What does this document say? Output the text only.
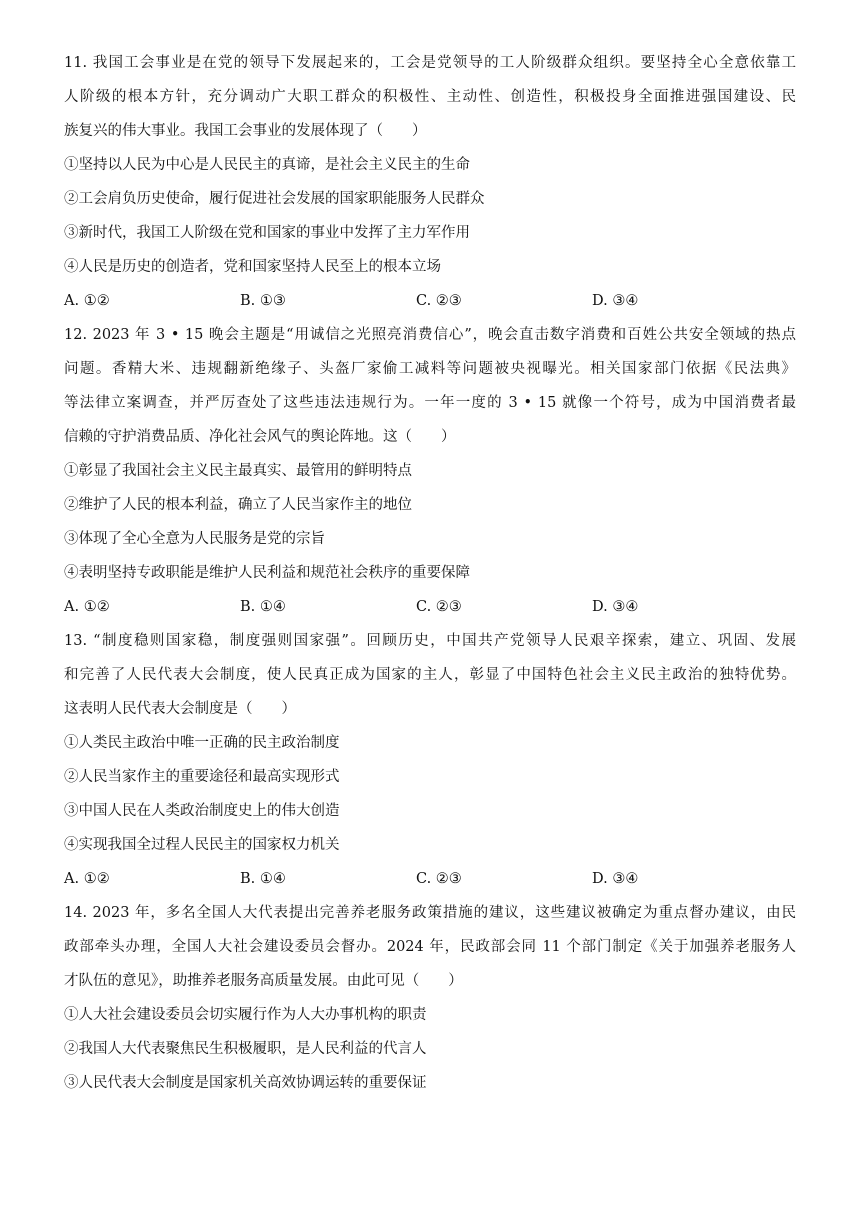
11. 我国工会事业是在党的领导下发展起来的，工会是党领导的工人阶级群众组织。要坚持全心全意依靠工
人阶级的根本方针，充分调动广大职工群众的积极性、主动性、创造性，积极投身全面推进强国建设、民
族复兴的伟大事业。我国工会事业的发展体现了（　　）
①坚持以人民为中心是人民民主的真谛，是社会主义民主的生命
②工会肩负历史使命，履行促进社会发展的国家职能服务人民群众
③新时代，我国工人阶级在党和国家的事业中发挥了主力军作用
④人民是历史的创造者，党和国家坚持人民至上的根本立场
A. ①②	B. ①③	C. ②③	D. ③④
12. 2023 年 3 • 15 晚会主题是“用诚信之光照亮消费信心”，晚会直击数字消费和百姓公共安全领域的热点
问题。香精大米、违规翻新绝缘子、头盔厂家偷工减料等问题被央视曝光。相关国家部门依据《民法典》
等法律立案调查，并严厉查处了这些违法违规行为。一年一度的 3 • 15 就像一个符号，成为中国消费者最
信赖的守护消费品质、净化社会风气的舆论阵地。这（　　）
①彰显了我国社会主义民主最真实、最管用的鲜明特点
②维护了人民的根本利益，确立了人民当家作主的地位
③体现了全心全意为人民服务是党的宗旨
④表明坚持专政职能是维护人民利益和规范社会秩序的重要保障
A. ①②	B. ①④	C. ②③	D. ③④
13. “制度稳则国家稳，制度强则国家强”。回顾历史，中国共产党领导人民艰辛探索，建立、巩固、发展
和完善了人民代表大会制度，使人民真正成为国家的主人，彰显了中国特色社会主义民主政治的独特优势。
这表明人民代表大会制度是（　　）
①人类民主政治中唯一正确的民主政治制度
②人民当家作主的重要途径和最高实现形式
③中国人民在人类政治制度史上的伟大创造
④实现我国全过程人民民主的国家权力机关
A. ①②	B. ①④	C. ②③	D. ③④
14. 2023 年，多名全国人大代表提出完善养老服务政策措施的建议，这些建议被确定为重点督办建议，由民
政部牵头办理，全国人大社会建设委员会督办。2024 年，民政部会同 11 个部门制定《关于加强养老服务人
才队伍的意见》，助推养老服务高质量发展。由此可见（　　）
①人大社会建设委员会切实履行作为人大办事机构的职责
②我国人大代表聚焦民生积极履职，是人民利益的代言人
③人民代表大会制度是国家机关高效协调运转的重要保证
